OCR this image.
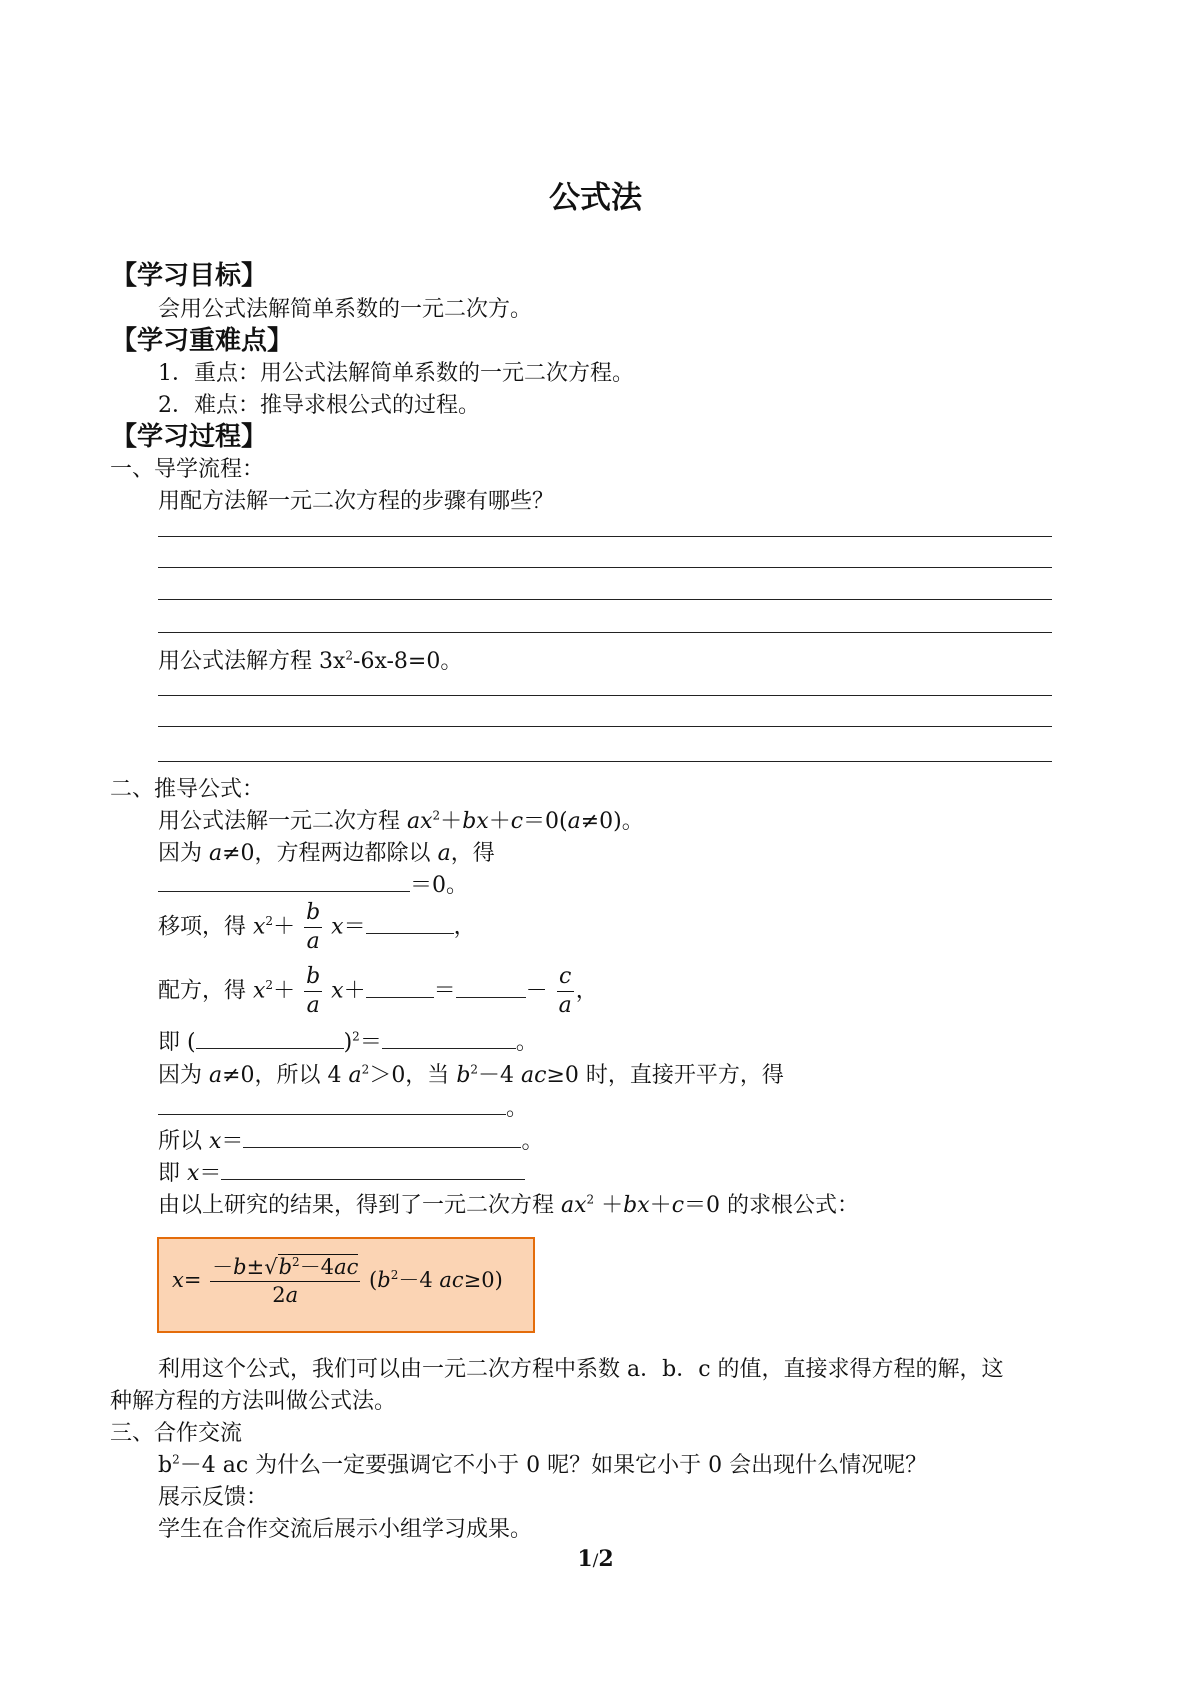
公式法
【学习目标】
会用公式法解简单系数的一元二次方。
【学习重难点】
1．重点：用公式法解简单系数的一元二次方程。
2．难点：推导求根公式的过程。
【学习过程】
一、导学流程：
用配方法解一元二次方程的步骤有哪些？
用公式法解方程 $3x^2-6x-8=0$。
二、推导公式：
用公式法解一元二次方程 $ax^2+bx+c=0(a\ne 0)$。
因为 a≠0，方程两边都除以 a，得
＝0。
移项，得 $x^2+ \frac{b}{a} x=$	，
配方，得 $x^2+ \frac{b}{a} x+$	＝	－ $\frac{c}{a}$ ，
即 (	)$^2$＝	。
因为 a≠0，所以 4 $a^2>0$，当 $b^2-4$ ac≥0 时，直接开平方，得
。
所以 x＝	。
即 x＝
由以上研究的结果，得到了一元二次方程 $ax^2 +bx+c=0$ 的求根公式：
$x= \frac{-b\pm√b^2-4ac}{2a} (b^2-4$ ac≥0)
利用这个公式，我们可以由一元二次方程中系数 a．b．c 的值，直接求得方程的解，这
种解方程的方法叫做公式法。
三、合作交流
$b^2-4$ ac 为什么一定要强调它不小于 0 呢？如果它小于 0 会出现什么情况呢？
展示反馈：
学生在合作交流后展示小组学习成果。
1/2
